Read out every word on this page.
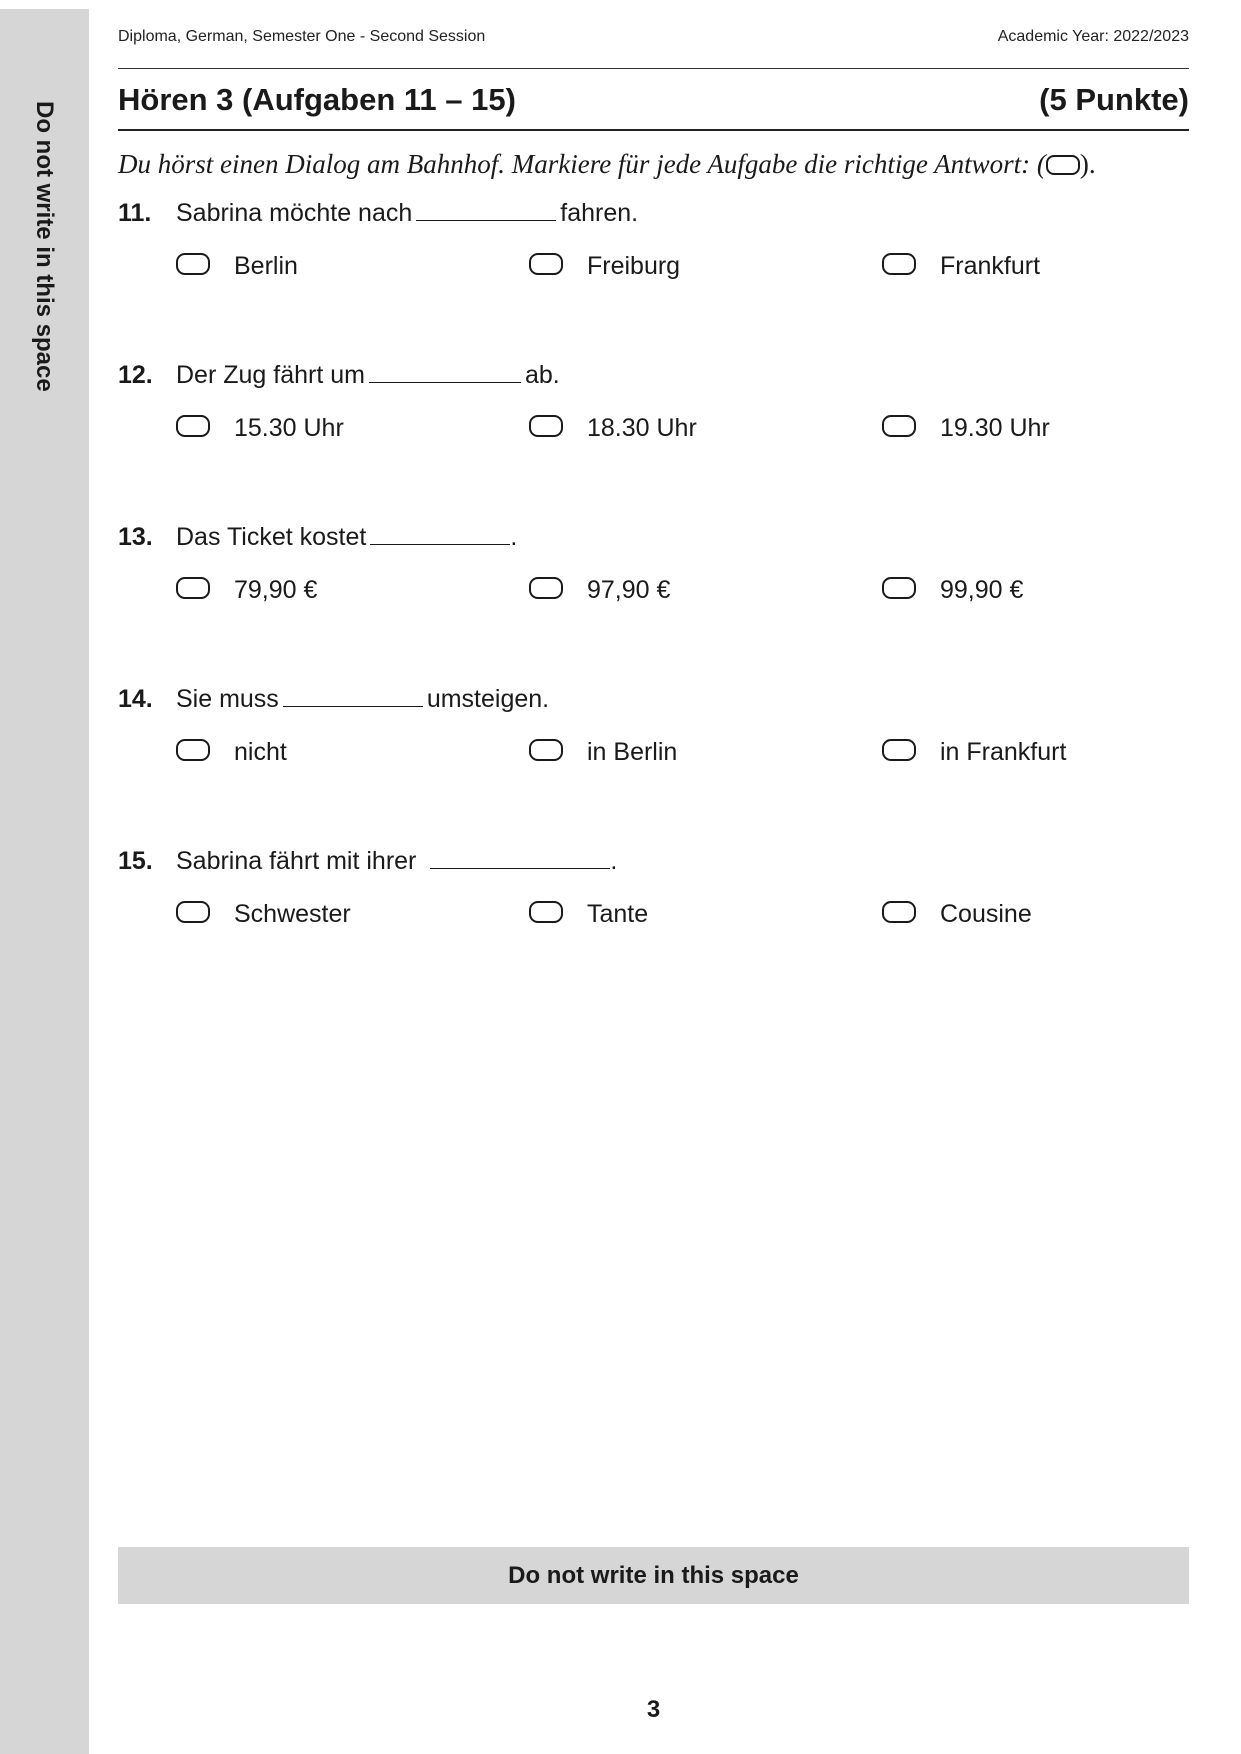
Do not write in this space
Diploma, German, Semester One - Second Session	Academic Year: 2022/2023
Hören 3 (Aufgaben 11 – 15)	(5 Punkte)
Du hörst einen Dialog am Bahnhof. Markiere für jede Aufgabe die richtige Antwort: ( ).
11. Sabrina möchte nach	fahren.
Berlin	Freiburg	Frankfurt
12. Der Zug fährt um	ab.
15.30 Uhr	18.30 Uhr	19.30 Uhr
13. Das Ticket kostet	.
79,90 €	97,90 €	99,90 €
14. Sie muss	umsteigen.
nicht	in Berlin	in Frankfurt
15. Sabrina fährt mit ihrer	.
Schwester	Tante	Cousine
Do not write in this space
3
